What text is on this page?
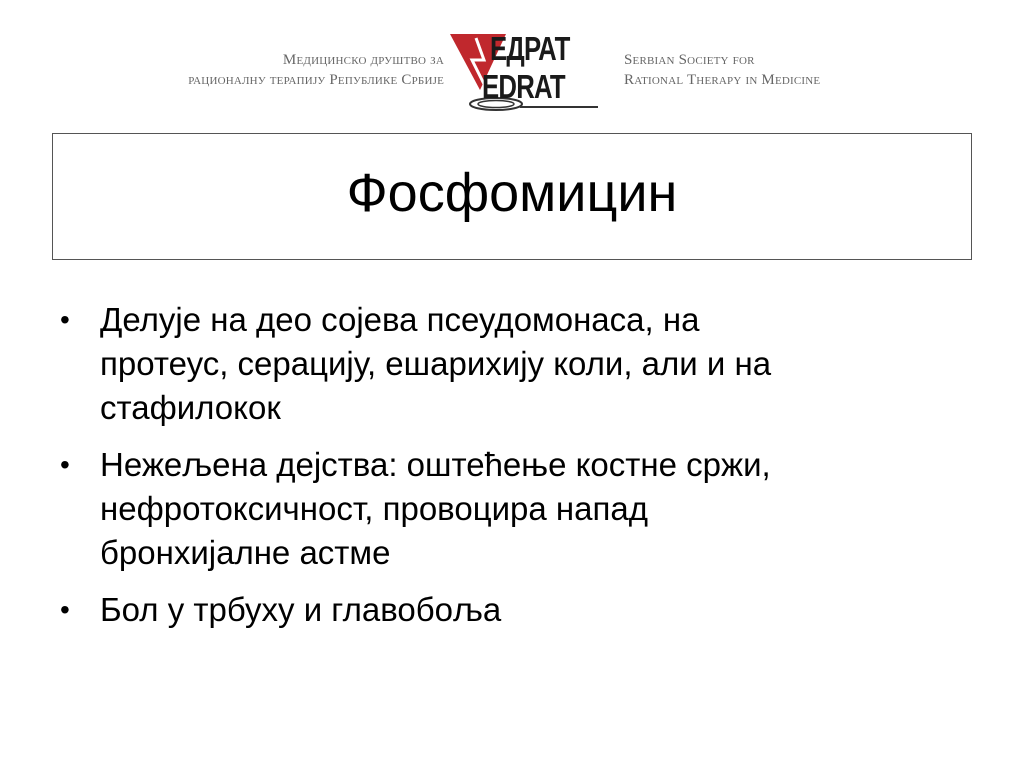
Медицинско друштво за
рационалну терапију Републике Србије
ЕДРАТ
EDRAT
Serbian Society for
Rational Therapy in Medicine
Фосфомицин
• Делује на део сојева псеудомонаса, на
протеус, серацију, ешарихију коли, али и на
стафилокок
• Нежељена дејства: оштећење костне сржи,
нефротоксичност, провоцира напад
бронхијалне астме
• Бол у трбуху и главобоља
